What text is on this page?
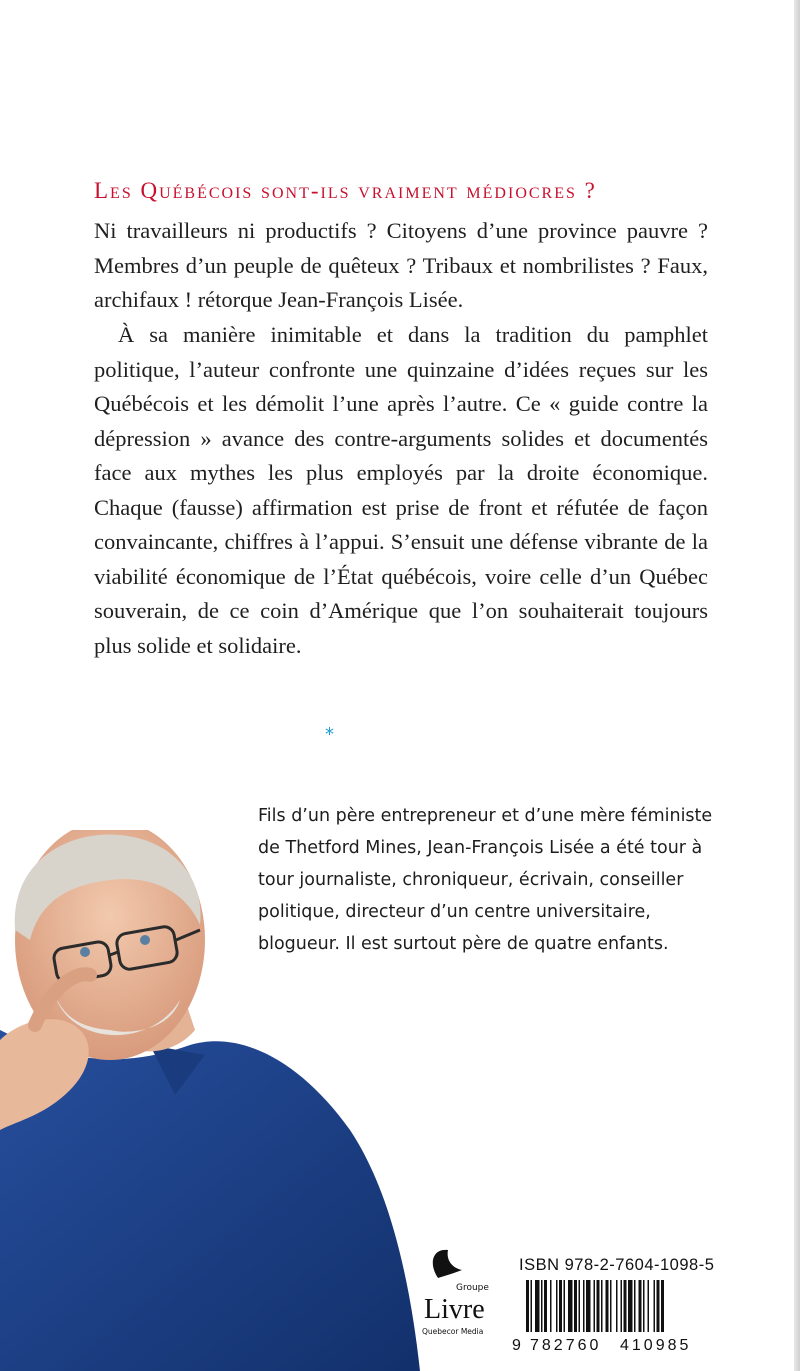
Les Québécois sont-ils vraiment médiocres ?

Ni travailleurs ni productifs ? Citoyens d’une province pauvre ? Membres d’un peuple de quêteux ? Tribaux et nombrilistes ? Faux, archifaux ! rétorque Jean-François Lisée.

À sa manière inimitable et dans la tradition du pamphlet politique, l’auteur confronte une quinzaine d’idées reçues sur les Québécois et les démolit l’une après l’autre. Ce « guide contre la dépression » avance des contre-arguments solides et documentés face aux mythes les plus employés par la droite économique. Chaque (fausse) affirmation est prise de front et réfutée de façon convaincante, chiffres à l’appui. S’ensuit une défense vibrante de la viabilité économique de l’État québécois, voire celle d’un Québec souverain, de ce coin d’Amérique que l’on souhaiterait toujours plus solide et solidaire.

*

Fils d’un père entrepreneur et d’une mère féministe de Thetford Mines, Jean-François Lisée a été tour à tour journaliste, chroniqueur, écrivain, conseiller politique, directeur d’un centre universitaire, blogueur. Il est surtout père de quatre enfants.

Groupe
Livre
Quebecor Media
ISBN 978-2-7604-1098-5
9 782760 410985
